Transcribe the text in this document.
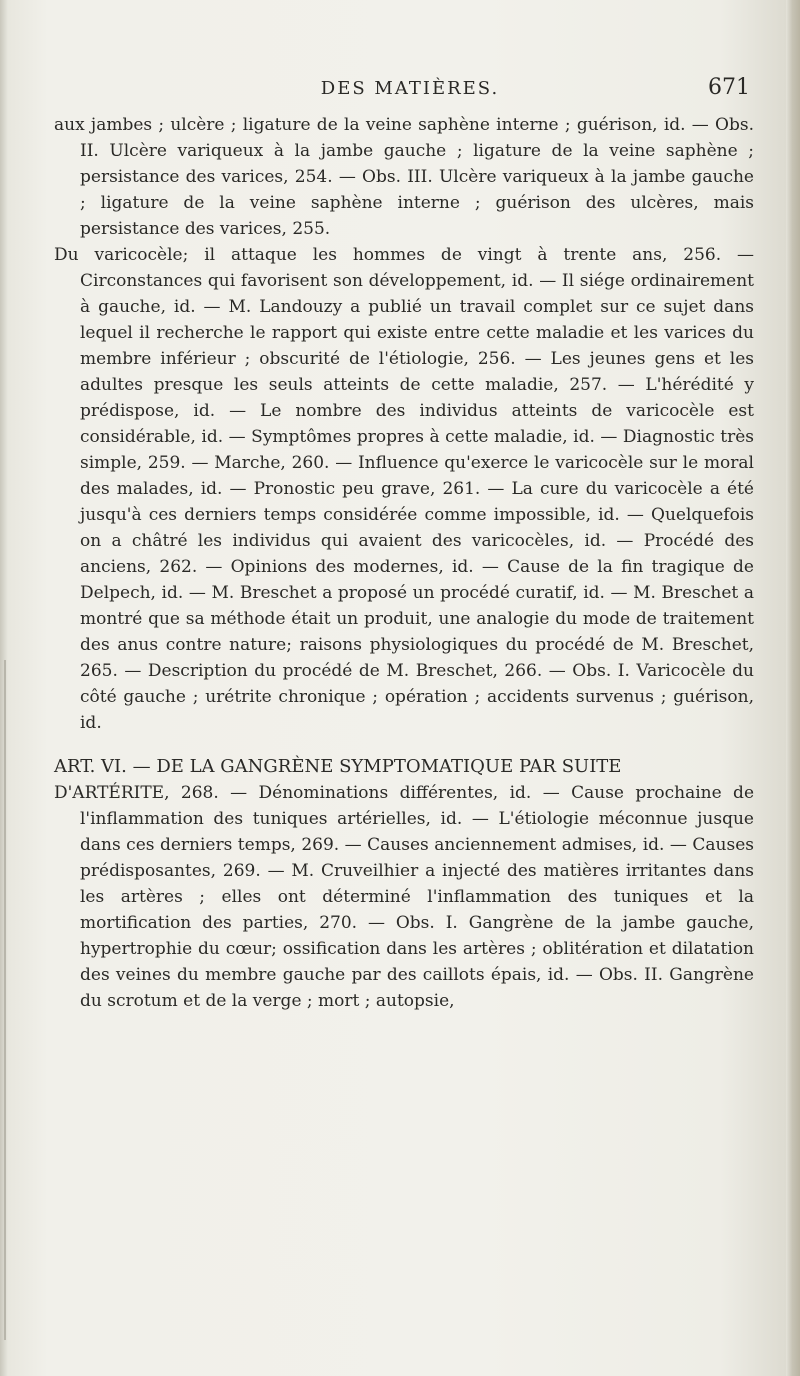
DES MATIÈRES.	671

aux jambes ; ulcère ; ligature de la veine saphène interne ; guérison, id. — Obs. II. Ulcère variqueux à la jambe gauche ; ligature de la veine saphène ; persistance des varices, 254. — Obs. III. Ulcère variqueux à la jambe gauche ; ligature de la veine saphène interne ; guérison des ulcères, mais persistance des varices, 255.

Du varicocèle; il attaque les hommes de vingt à trente ans, 256. — Circonstances qui favorisent son développement, id. — Il siége ordinairement à gauche, id. — M. Landouzy a publié un travail complet sur ce sujet dans lequel il recherche le rapport qui existe entre cette maladie et les varices du membre inférieur ; obscurité de l'étiologie, 256. — Les jeunes gens et les adultes presque les seuls atteints de cette maladie, 257. — L'hérédité y prédispose, id. — Le nombre des individus atteints de varicocèle est considérable, id. — Symptômes propres à cette maladie, id. — Diagnostic très simple, 259. — Marche, 260. — Influence qu'exerce le varicocèle sur le moral des malades, id. — Pronostic peu grave, 261. — La cure du varicocèle a été jusqu'à ces derniers temps considérée comme impossible, id. — Quelquefois on a châtré les individus qui avaient des varicocèles, id. — Procédé des anciens, 262. — Opinions des modernes, id. — Cause de la fin tragique de Delpech, id. — M. Breschet a proposé un procédé curatif, id. — M. Breschet a montré que sa méthode était un produit, une analogie du mode de traitement des anus contre nature; raisons physiologiques du procédé de M. Breschet, 265. — Description du procédé de M. Breschet, 266. — Obs. I. Varicocèle du côté gauche ; urétrite chronique ; opération ; accidents survenus ; guérison, id.

ART. VI. — DE LA GANGRÈNE SYMPTOMATIQUE PAR SUITE

D'ARTÉRITE, 268. — Dénominations différentes, id. — Cause prochaine de l'inflammation des tuniques artérielles, id. — L'étiologie méconnue jusque dans ces derniers temps, 269. — Causes anciennement admises, id. — Causes prédisposantes, 269. — M. Cruveilhier a injecté des matières irritantes dans les artères ; elles ont déterminé l'inflammation des tuniques et la mortification des parties, 270. — Obs. I. Gangrène de la jambe gauche, hypertrophie du cœur; ossification dans les artères ; oblitération et dilatation des veines du membre gauche par des caillots épais, id. — Obs. II. Gangrène du scrotum et de la verge ; mort ; autopsie,
